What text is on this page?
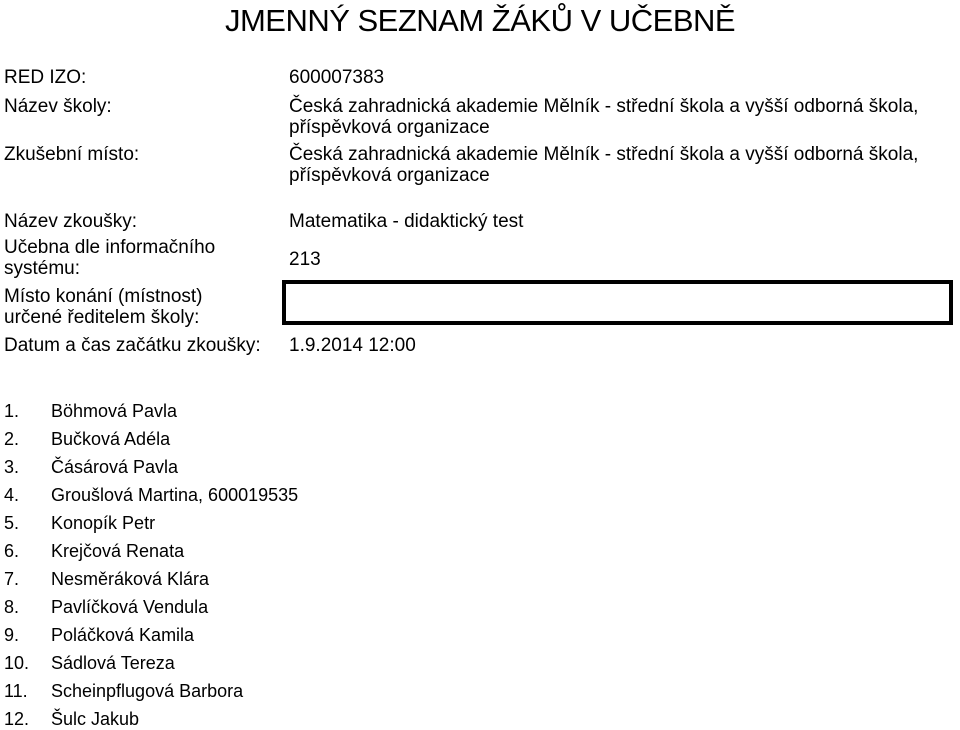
JMENNÝ SEZNAM ŽÁKŮ V UČEBNĚ
RED IZO:	600007383
Název školy:	Česká zahradnická akademie Mělník - střední škola a vyšší odborná škola,
příspěvková organizace
Zkušební místo:	Česká zahradnická akademie Mělník - střední škola a vyšší odborná škola,
příspěvková organizace
Název zkoušky:	Matematika - didaktický test
Učebna dle informačního
systému:	213
Místo konání (místnost)
určené ředitelem školy:
Datum a čas začátku zkoušky: 1.9.2014 12:00
1.	Böhmová Pavla
2.	Bučková Adéla
3.	Čásárová Pavla
4.	Groušlová Martina, 600019535
5.	Konopík Petr
6.	Krejčová Renata
7.	Nesměráková Klára
8.	Pavlíčková Vendula
9.	Poláčková Kamila
10.	Sádlová Tereza
11.	Scheinpflugová Barbora
12.	Šulc Jakub
